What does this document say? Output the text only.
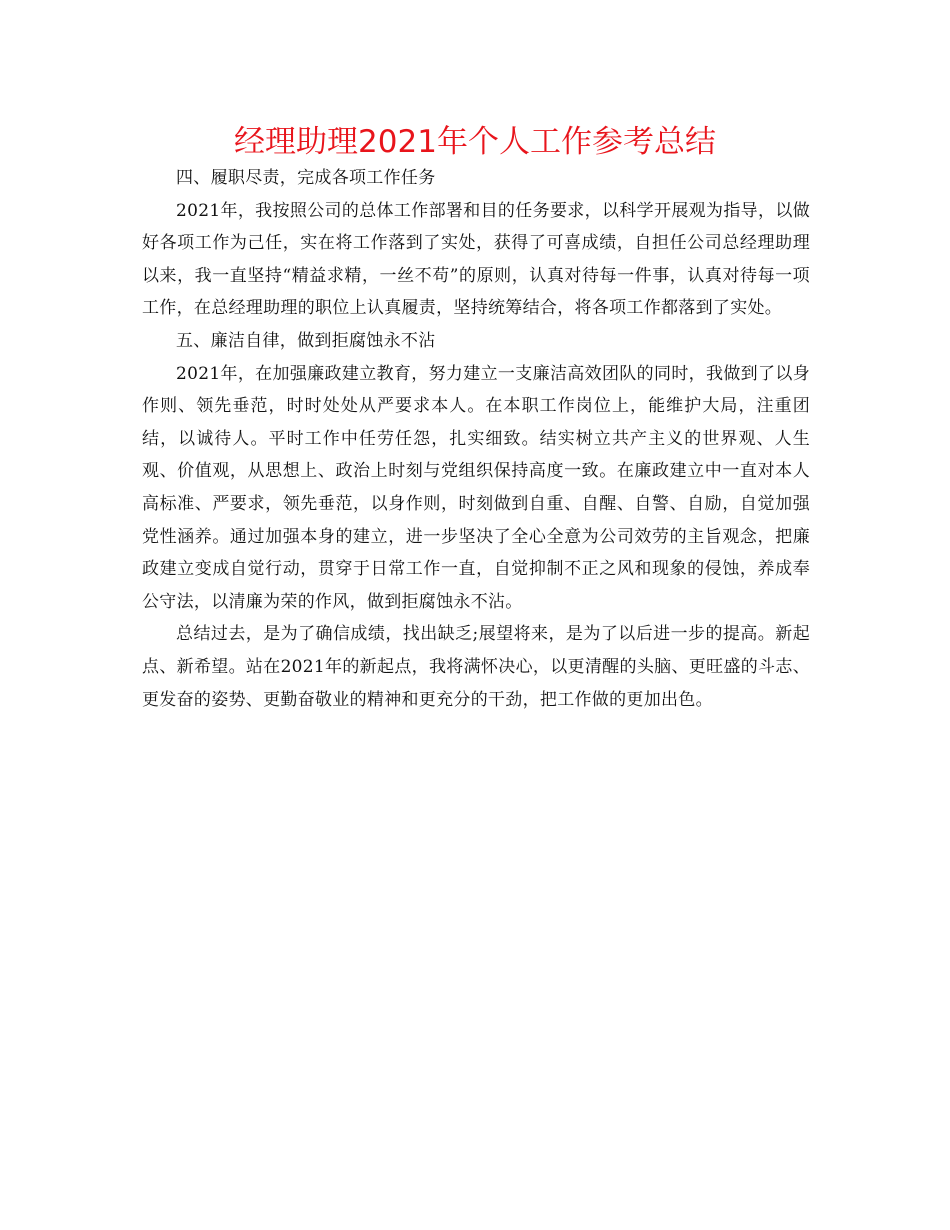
经理助理2021年个人工作参考总结

四、履职尽责，完成各项工作任务

2021年，我按照公司的总体工作部署和目的任务要求，以科学开展观为指导，以做好各项工作为己任，实在将工作落到了实处，获得了可喜成绩，自担任公司总经理助理以来，我一直坚持“精益求精，一丝不苟”的原则，认真对待每一件事，认真对待每一项工作，在总经理助理的职位上认真履责，坚持统筹结合，将各项工作都落到了实处。

五、廉洁自律，做到拒腐蚀永不沾

2021年，在加强廉政建立教育，努力建立一支廉洁高效团队的同时，我做到了以身作则、领先垂范，时时处处从严要求本人。在本职工作岗位上，能维护大局，注重团结，以诚待人。平时工作中任劳任怨，扎实细致。结实树立共产主义的世界观、人生观、价值观，从思想上、政治上时刻与党组织保持高度一致。在廉政建立中一直对本人高标准、严要求，领先垂范，以身作则，时刻做到自重、自醒、自警、自励，自觉加强党性涵养。通过加强本身的建立，进一步坚决了全心全意为公司效劳的主旨观念，把廉政建立变成自觉行动，贯穿于日常工作一直，自觉抑制不正之风和现象的侵蚀，养成奉公守法，以清廉为荣的作风，做到拒腐蚀永不沾。

总结过去，是为了确信成绩，找出缺乏;展望将来，是为了以后进一步的提高。新起点、新希望。站在2021年的新起点，我将满怀决心，以更清醒的头脑、更旺盛的斗志、更发奋的姿势、更勤奋敬业的精神和更充分的干劲，把工作做的更加出色。
